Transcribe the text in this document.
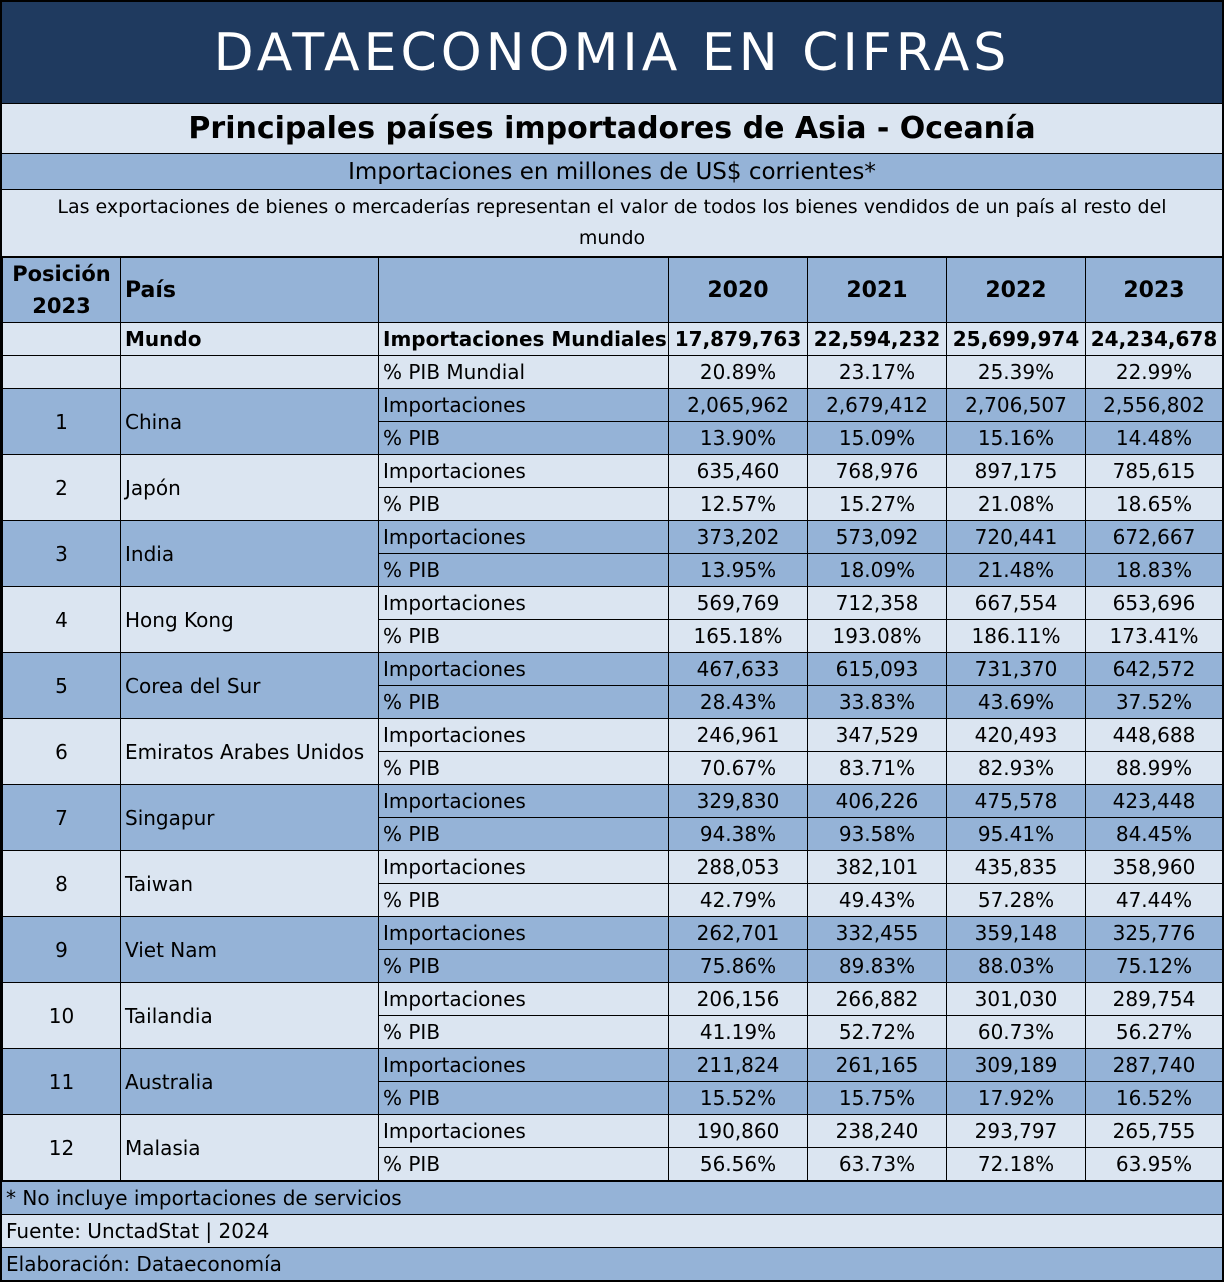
DATAECONOMIA EN CIFRAS
Principales países importadores de Asia - Oceanía
Importaciones en millones de US$ corrientes*
Las exportaciones de bienes o mercaderías representan el valor de todos los bienes vendidos de un país al resto del mundo
Posición 2023	País		2020	2021	2022	2023
	Mundo	Importaciones Mundiales	17,879,763	22,594,232	25,699,974	24,234,678
		% PIB Mundial	20.89%	23.17%	25.39%	22.99%
1	China	Importaciones	2,065,962	2,679,412	2,706,507	2,556,802
		% PIB	13.90%	15.09%	15.16%	14.48%
2	Japón	Importaciones	635,460	768,976	897,175	785,615
		% PIB	12.57%	15.27%	21.08%	18.65%
3	India	Importaciones	373,202	573,092	720,441	672,667
		% PIB	13.95%	18.09%	21.48%	18.83%
4	Hong Kong	Importaciones	569,769	712,358	667,554	653,696
		% PIB	165.18%	193.08%	186.11%	173.41%
5	Corea del Sur	Importaciones	467,633	615,093	731,370	642,572
		% PIB	28.43%	33.83%	43.69%	37.52%
6	Emiratos Arabes Unidos	Importaciones	246,961	347,529	420,493	448,688
		% PIB	70.67%	83.71%	82.93%	88.99%
7	Singapur	Importaciones	329,830	406,226	475,578	423,448
		% PIB	94.38%	93.58%	95.41%	84.45%
8	Taiwan	Importaciones	288,053	382,101	435,835	358,960
		% PIB	42.79%	49.43%	57.28%	47.44%
9	Viet Nam	Importaciones	262,701	332,455	359,148	325,776
		% PIB	75.86%	89.83%	88.03%	75.12%
10	Tailandia	Importaciones	206,156	266,882	301,030	289,754
		% PIB	41.19%	52.72%	60.73%	56.27%
11	Australia	Importaciones	211,824	261,165	309,189	287,740
		% PIB	15.52%	15.75%	17.92%	16.52%
12	Malasia	Importaciones	190,860	238,240	293,797	265,755
		% PIB	56.56%	63.73%	72.18%	63.95%
* No incluye importaciones de servicios
Fuente: UnctadStat | 2024
Elaboración: Dataeconomía
